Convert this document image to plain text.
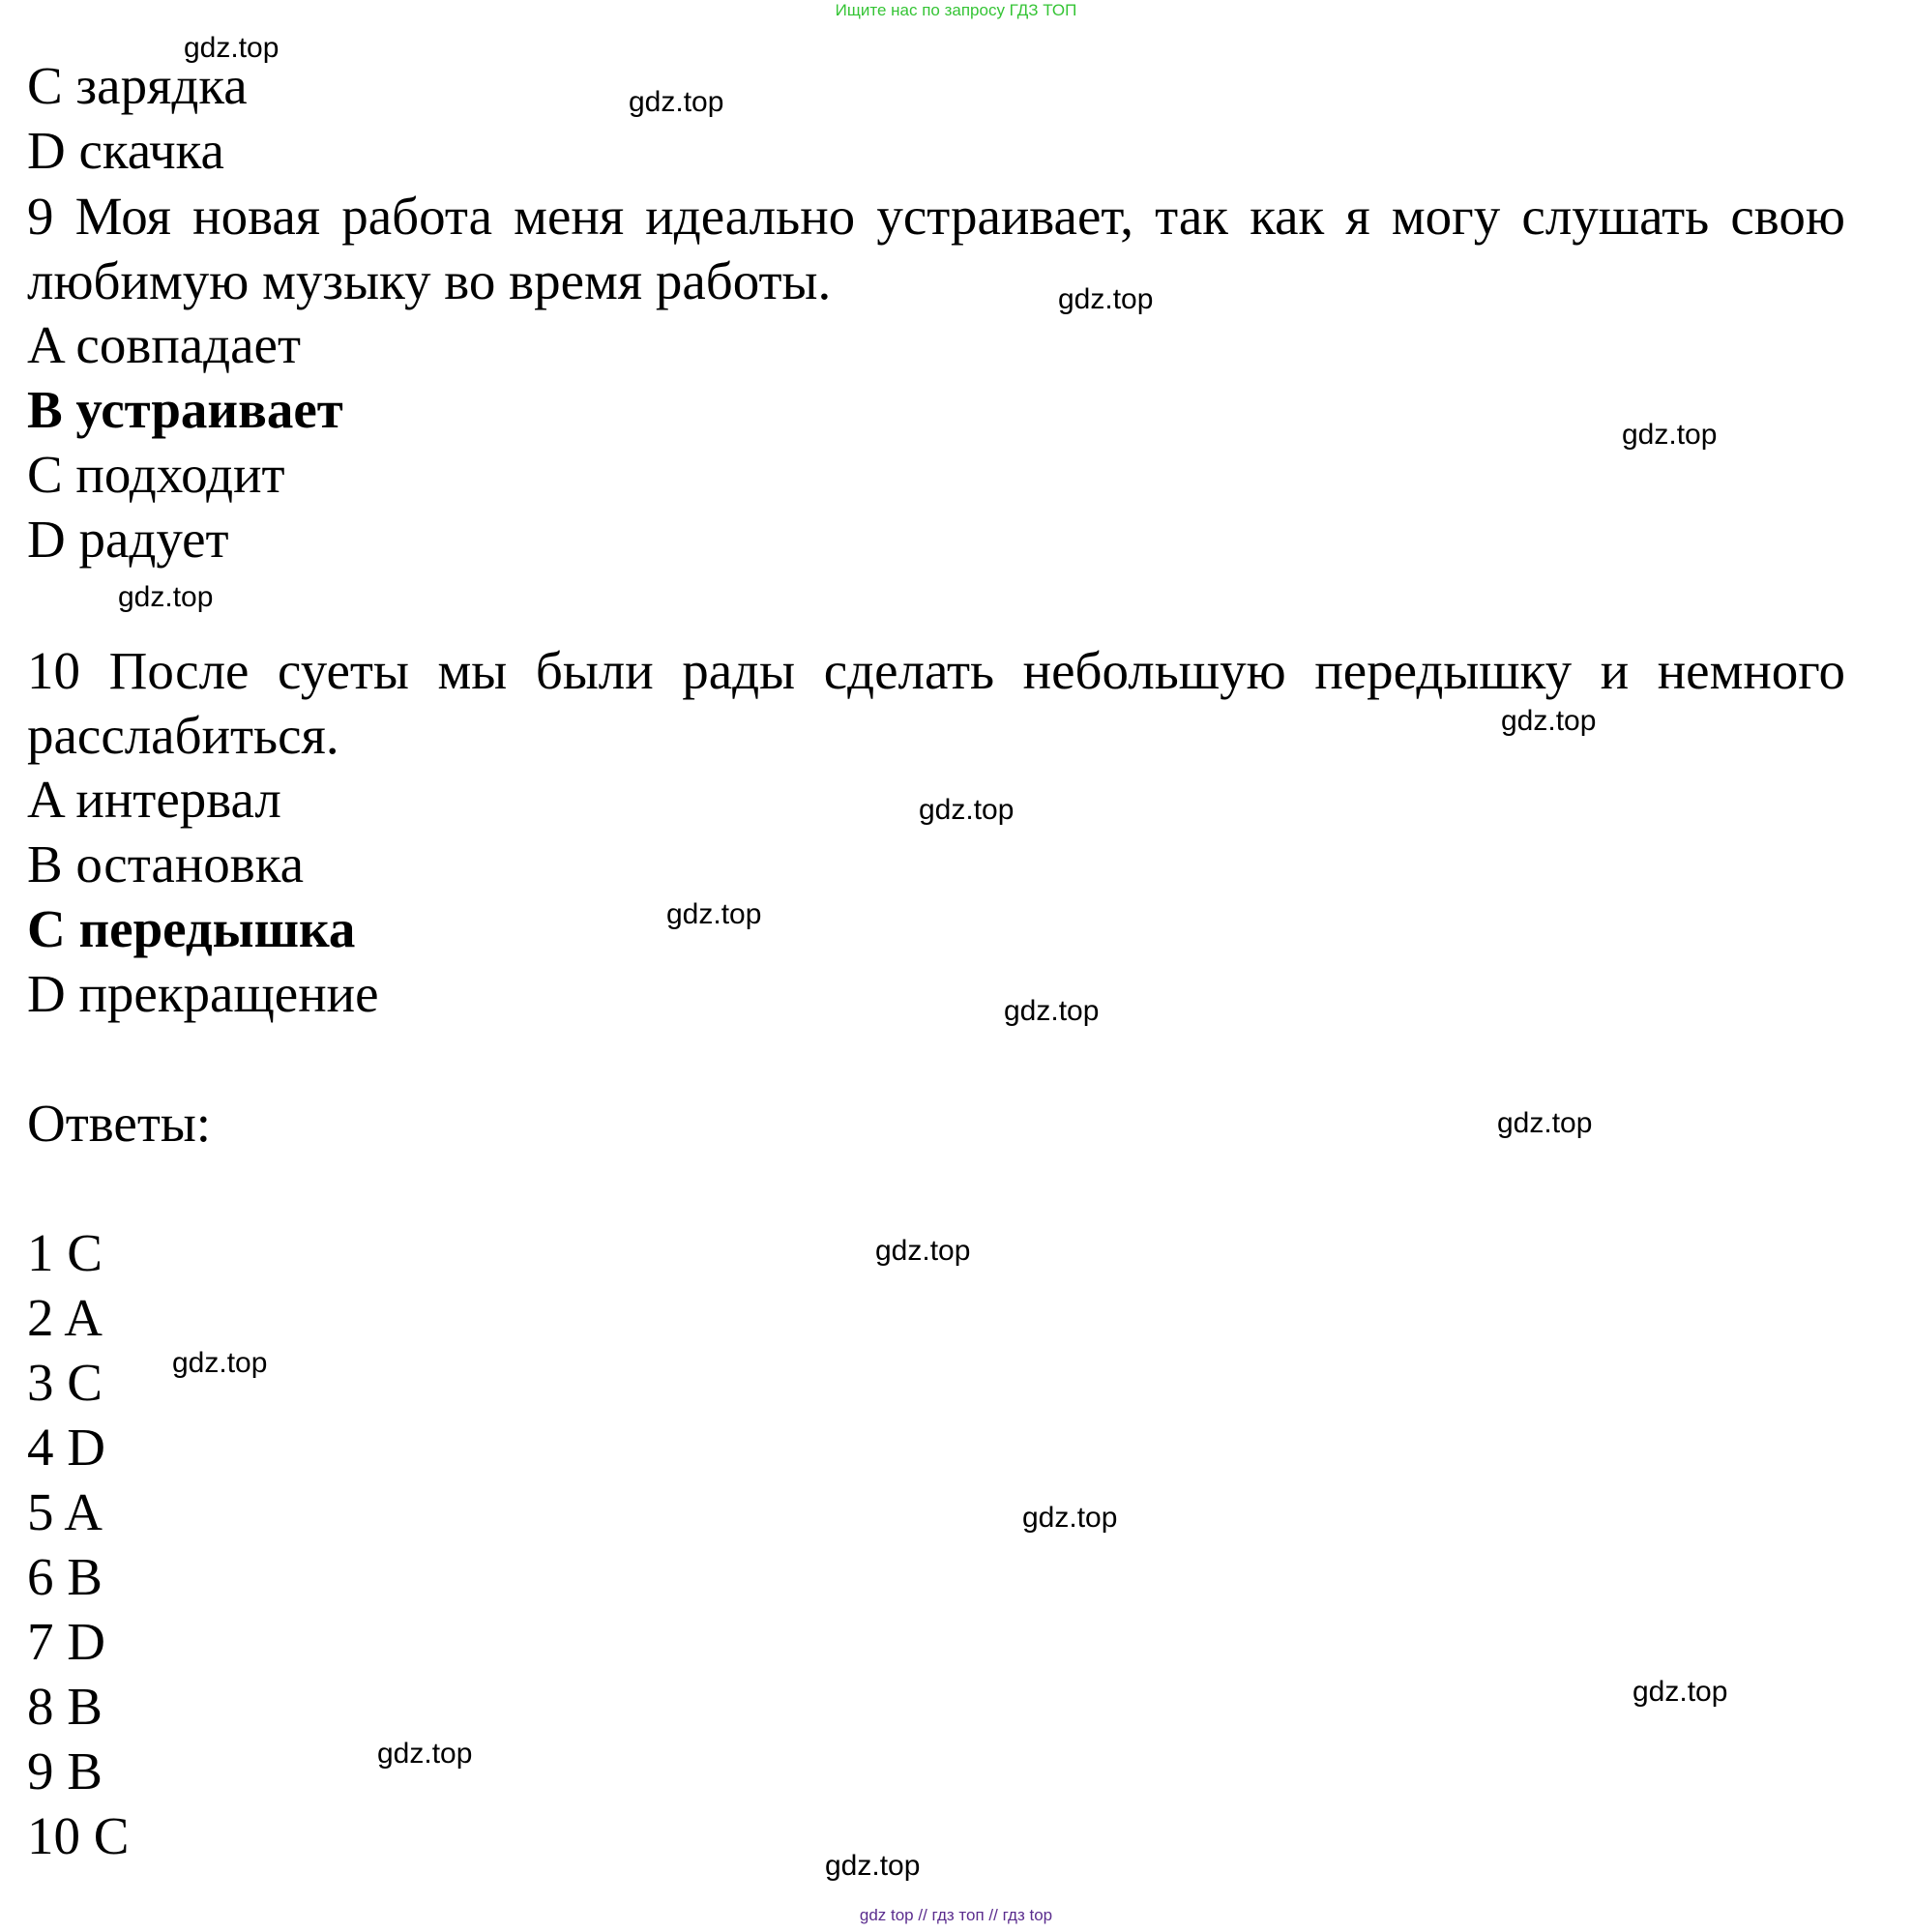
Ищите нас по запросу ГДЗ ТОП
C зарядка
D скачка
9 Моя новая работа меня идеально устраивает, так как я могу слушать свою любимую музыку во время работы.
A совпадает
B устраивает
C подходит
D радует
10 После суеты мы были рады сделать небольшую передышку и немного расслабиться.
A интервал
B остановка
C передышка
D прекращение
Ответы:
1 C
2 A
3 C
4 D
5 A
6 B
7 D
8 B
9 B
10 C
gdz.top
gdz.top
gdz.top
gdz.top
gdz.top
gdz.top
gdz.top
gdz.top
gdz.top
gdz.top
gdz.top
gdz.top
gdz.top
gdz.top
gdz.top
gdz.top
gdz top // гдз топ // гдз top
